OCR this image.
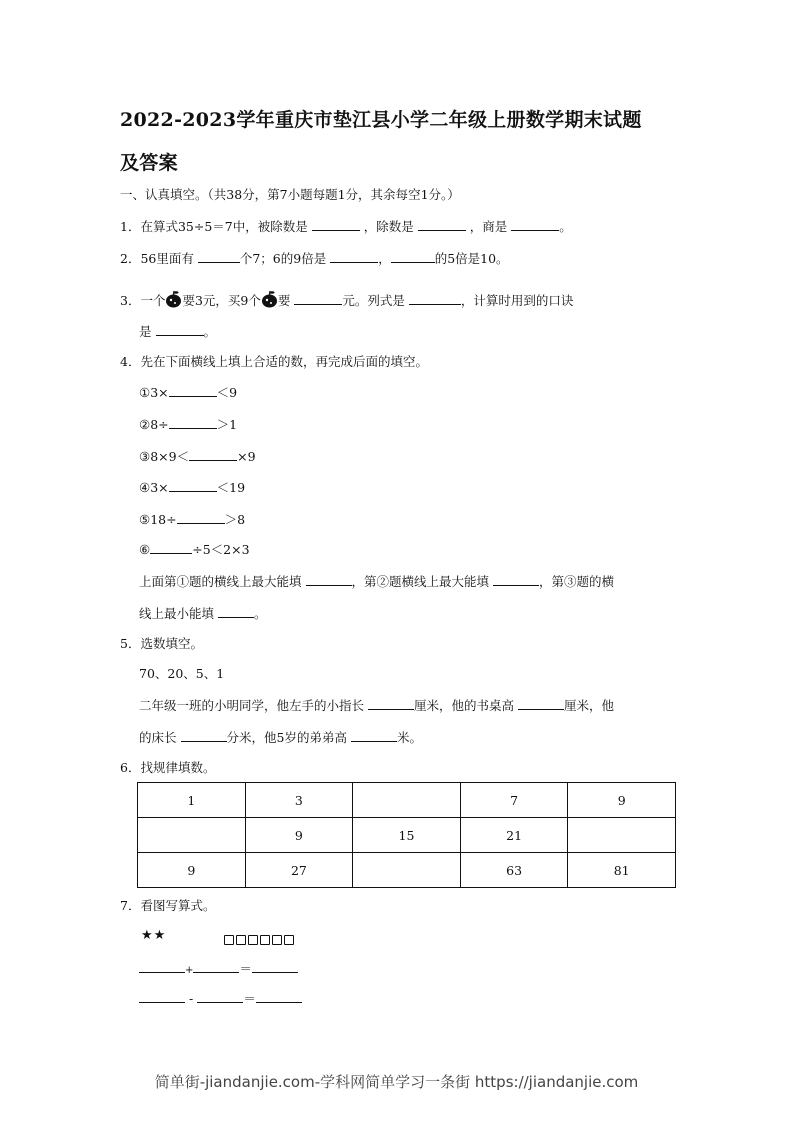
2022-2023学年重庆市垫江县小学二年级上册数学期末试题
及答案
一、认真填空。（共38分，第7小题每题1分，其余每空1分。）
1．在算式35÷5＝7中，被除数是	，除数是	，商是	。
2．56里面有	个7；6的9倍是	，	的5倍是10。
3．一个 要3元，买9个 要	元。列式是	，计算时用到的口诀
是	。
4．先在下面横线上填上合适的数，再完成后面的填空。
①3×	＜9
②8÷	＞1
③8×9＜	×9
④3×	＜19
⑤18÷	＞8
⑥	÷5＜2×3
上面第①题的横线上最大能填	，第②题横线上最大能填	，第③题的横
线上最小能填	。
5．选数填空。
70、20、5、1
二年级一班的小明同学，他左手的小指长	厘米，他的书桌高	厘米，他
的床长	分米，他5岁的弟弟高	米。
6．找规律填数。
1	3		7	9
	9	15	21	
9	27		63	81
7．看图写算式。
★★
+	＝
-	＝
简单街-jiandanjie.com-学科网简单学习一条街 https://jiandanjie.com
